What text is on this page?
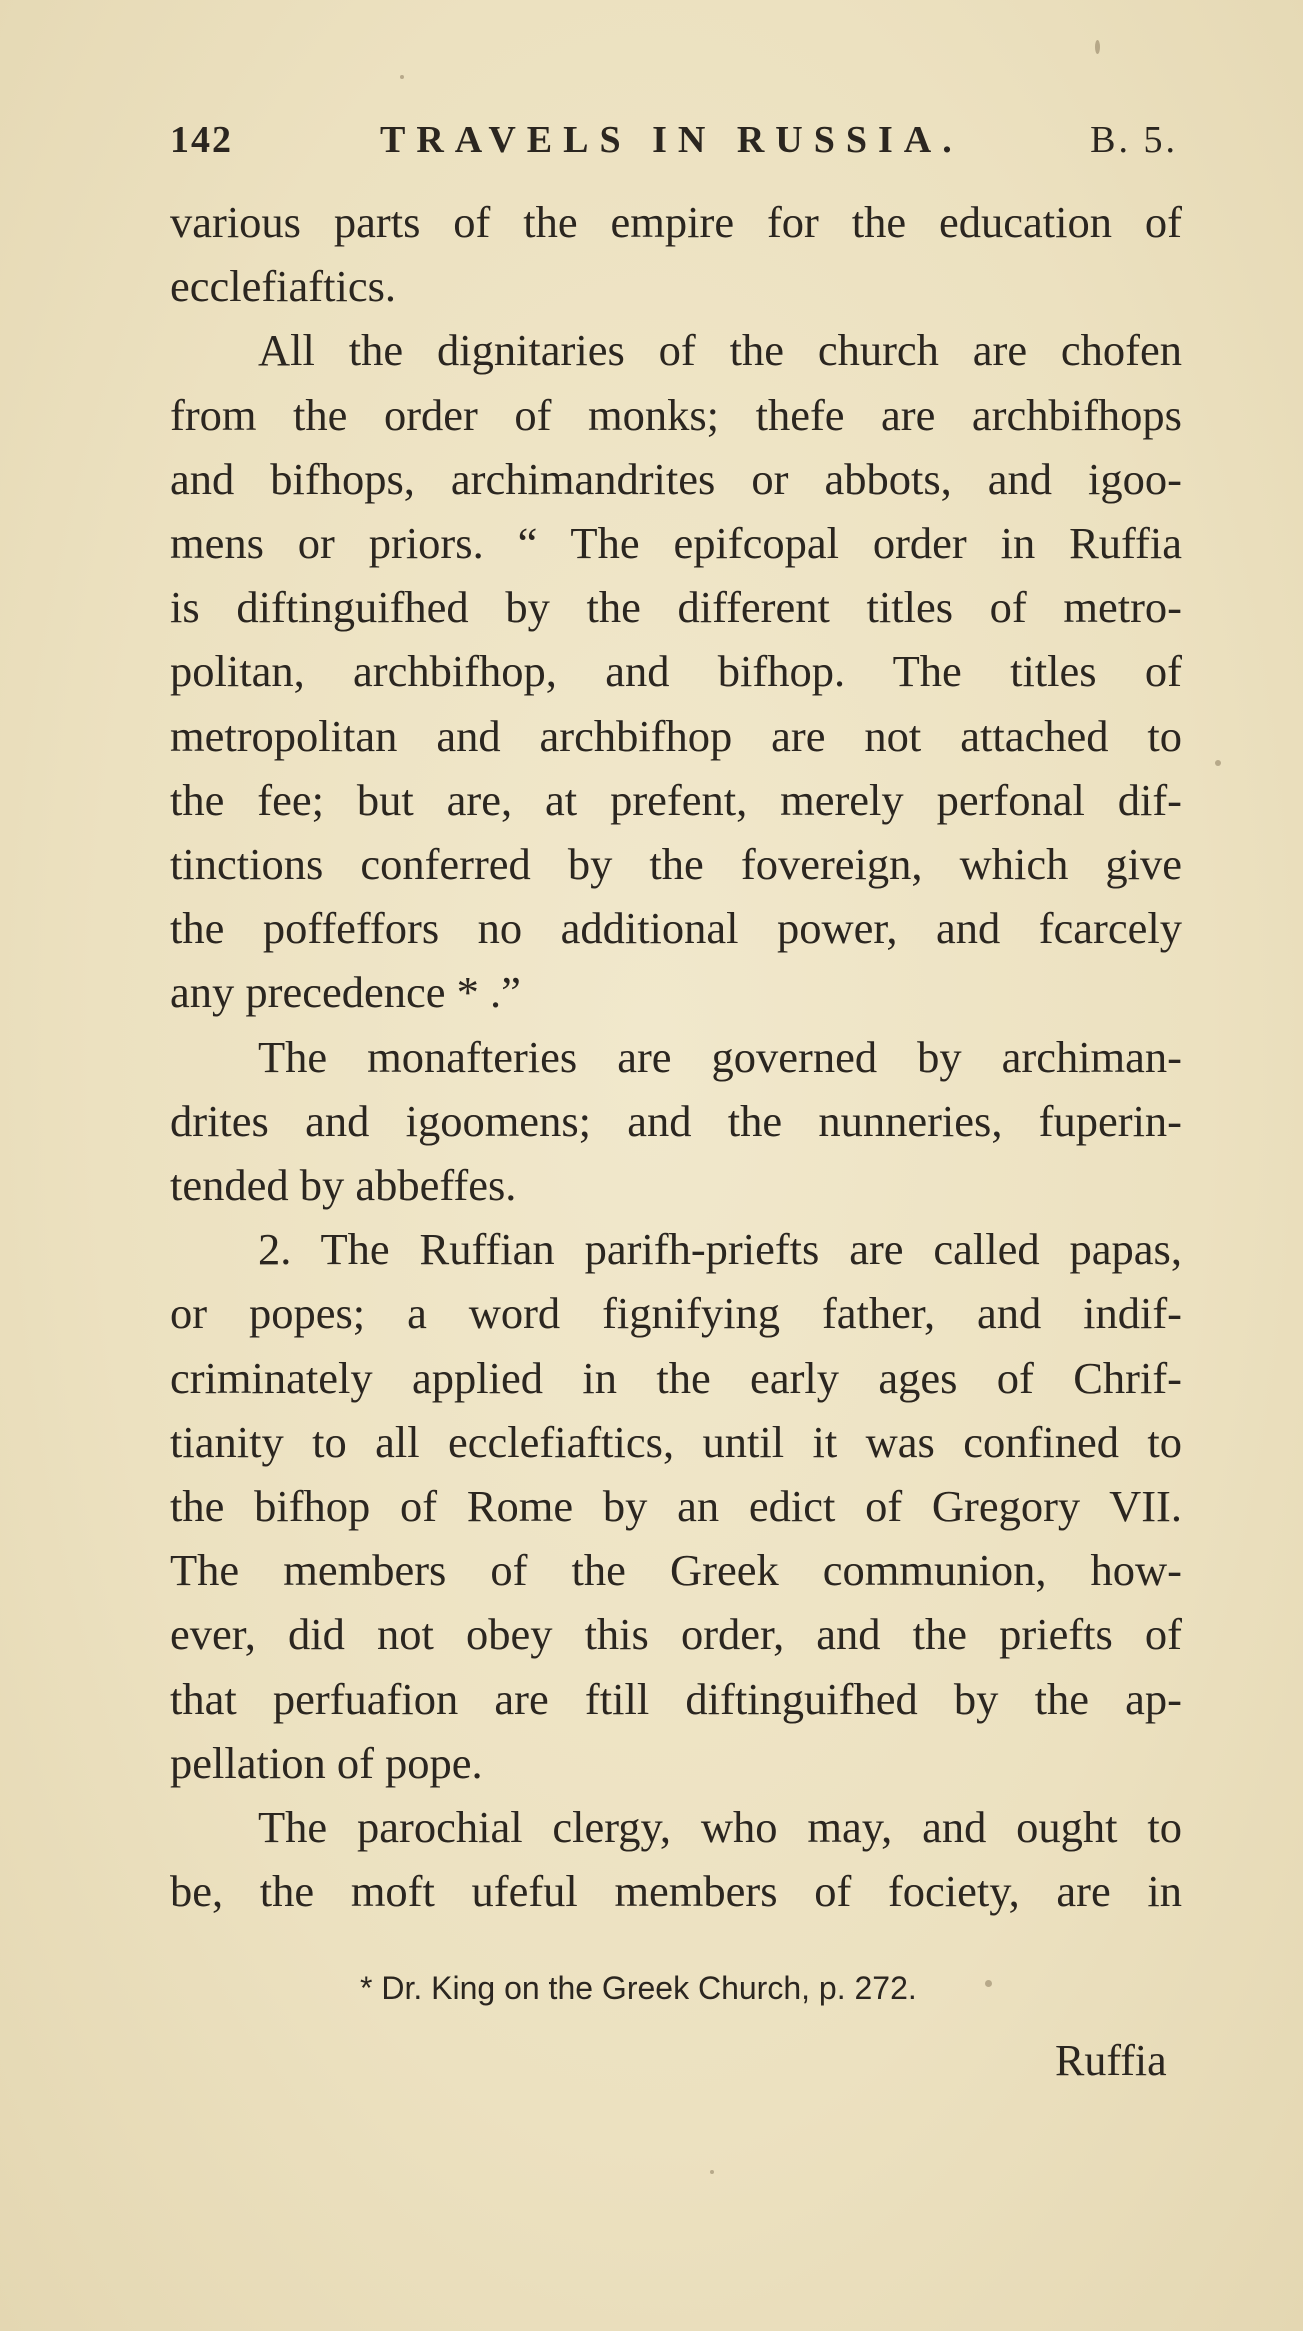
142	TRAVELS IN RUSSIA.	B. 5.
various parts of the empire for the education of
ecclefiaftics.
All the dignitaries of the church are chofen
from the order of monks; thefe are archbifhops
and bifhops, archimandrites or abbots, and igoo-
mens or priors. “ The epifcopal order in Ruffia
is diftinguifhed by the different titles of metro-
politan, archbifhop, and bifhop. The titles of
metropolitan and archbifhop are not attached to
the fee; but are, at prefent, merely perfonal dif-
tinctions conferred by the fovereign, which give
the poffeffors no additional power, and fcarcely
any precedence * .”
The monafteries are governed by archiman-
drites and igoomens; and the nunneries, fuperin-
tended by abbeffes.
2. The Ruffian parifh-priefts are called papas,
or popes; a word fignifying father, and indif-
criminately applied in the early ages of Chrif-
tianity to all ecclefiaftics, until it was confined to
the bifhop of Rome by an edict of Gregory VII.
The members of the Greek communion, how-
ever, did not obey this order, and the priefts of
that perfuafion are ftill diftinguifhed by the ap-
pellation of pope.
The parochial clergy, who may, and ought to
be, the moft ufeful members of fociety, are in
* Dr. King on the Greek Church, p. 272.
Ruffia
